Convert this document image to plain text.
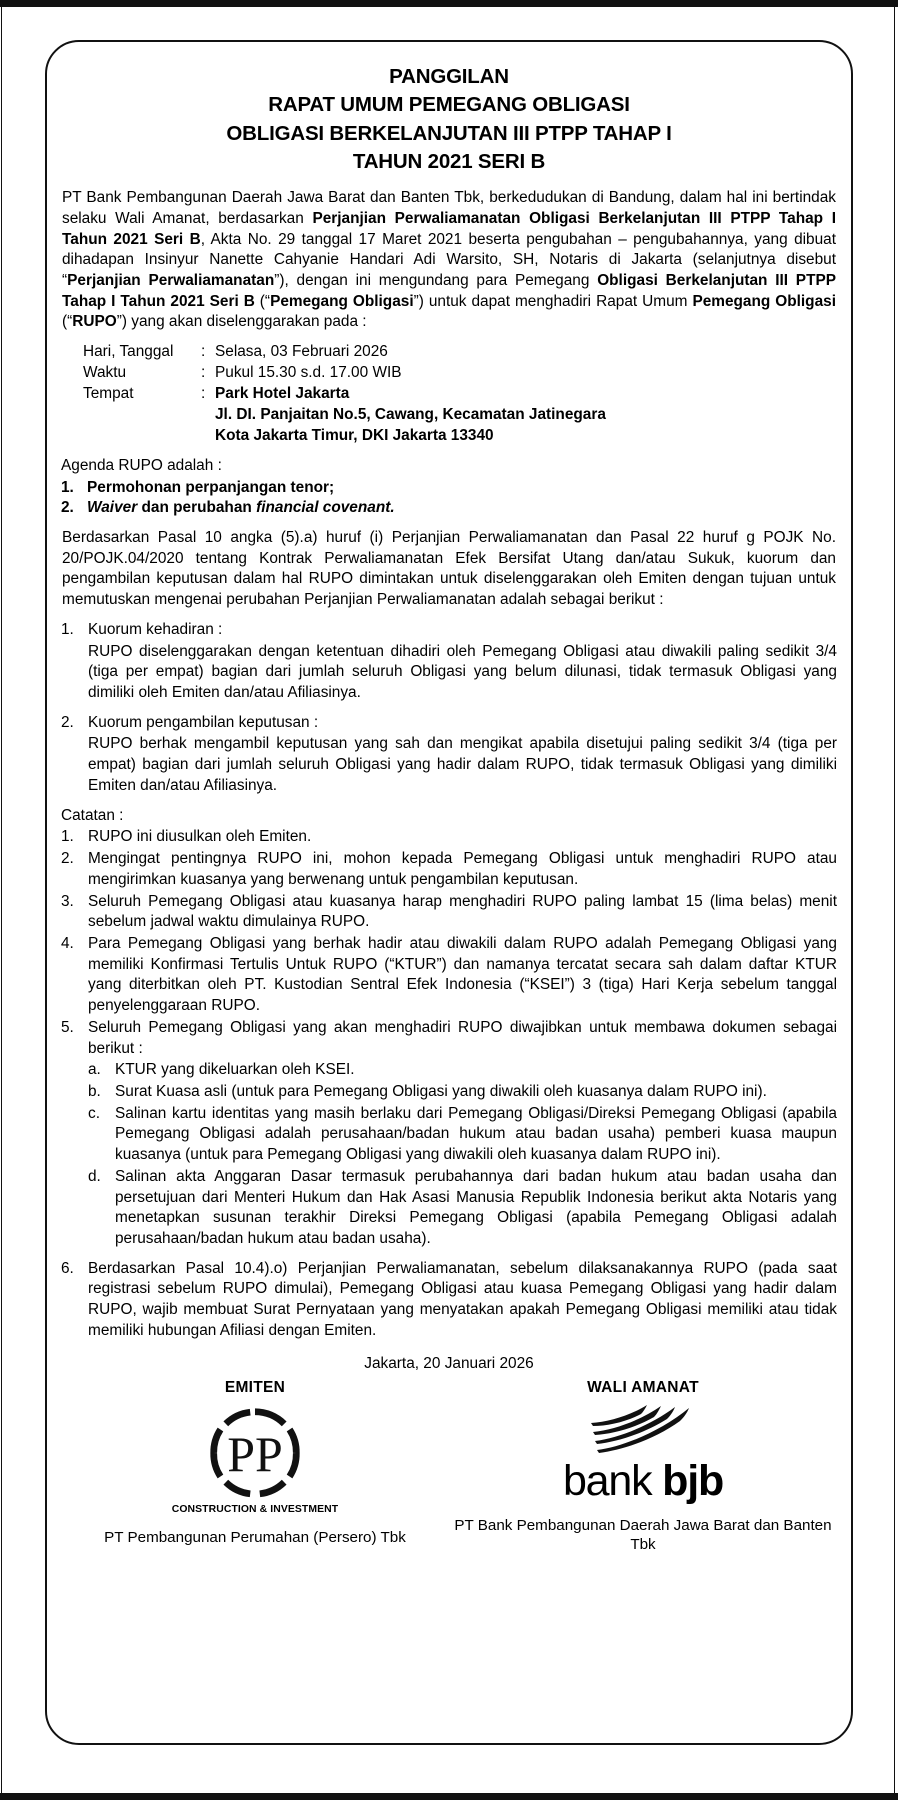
PANGGILAN
RAPAT UMUM PEMEGANG OBLIGASI
OBLIGASI BERKELANJUTAN III PTPP TAHAP I
TAHUN 2021 SERI B

PT Bank Pembangunan Daerah Jawa Barat dan Banten Tbk, berkedudukan di Bandung, dalam hal ini bertindak selaku Wali Amanat, berdasarkan Perjanjian Perwaliamanatan Obligasi Berkelanjutan III PTPP Tahap I Tahun 2021 Seri B, Akta No. 29 tanggal 17 Maret 2021 beserta pengubahan – pengubahannya, yang dibuat dihadapan Insinyur Nanette Cahyanie Handari Adi Warsito, SH, Notaris di Jakarta (selanjutnya disebut “Perjanjian Perwaliamanatan”), dengan ini mengundang para Pemegang Obligasi Berkelanjutan III PTPP Tahap I Tahun 2021 Seri B (“Pemegang Obligasi”) untuk dapat menghadiri Rapat Umum Pemegang Obligasi (“RUPO”) yang akan diselenggarakan pada :

Hari, Tanggal	: Selasa, 03 Februari 2026
Waktu	: Pukul 15.30 s.d. 17.00 WIB
Tempat	: Park Hotel Jakarta
Jl. DI. Panjaitan No.5, Cawang, Kecamatan Jatinegara
Kota Jakarta Timur, DKI Jakarta 13340
Agenda RUPO adalah :
1. Permohonan perpanjangan tenor;
2. Waiver dan perubahan financial covenant.

Berdasarkan Pasal 10 angka (5).a) huruf (i) Perjanjian Perwaliamanatan dan Pasal 22 huruf g POJK No. 20/POJK.04/2020 tentang Kontrak Perwaliamanatan Efek Bersifat Utang dan/atau Sukuk, kuorum dan pengambilan keputusan dalam hal RUPO dimintakan untuk diselenggarakan oleh Emiten dengan tujuan untuk memutuskan mengenai perubahan Perjanjian Perwaliamanatan adalah sebagai berikut :

1. Kuorum kehadiran :
RUPO diselenggarakan dengan ketentuan dihadiri oleh Pemegang Obligasi atau diwakili paling sedikit 3/4 (tiga per empat) bagian dari jumlah seluruh Obligasi yang belum dilunasi, tidak termasuk Obligasi yang dimiliki oleh Emiten dan/atau Afiliasinya.
2. Kuorum pengambilan keputusan :
RUPO berhak mengambil keputusan yang sah dan mengikat apabila disetujui paling sedikit 3/4 (tiga per empat) bagian dari jumlah seluruh Obligasi yang hadir dalam RUPO, tidak termasuk Obligasi yang dimiliki Emiten dan/atau Afiliasinya.
Catatan :
1. RUPO ini diusulkan oleh Emiten.
2. Mengingat pentingnya RUPO ini, mohon kepada Pemegang Obligasi untuk menghadiri RUPO atau mengirimkan kuasanya yang berwenang untuk pengambilan keputusan.
3. Seluruh Pemegang Obligasi atau kuasanya harap menghadiri RUPO paling lambat 15 (lima belas) menit sebelum jadwal waktu dimulainya RUPO.
4. Para Pemegang Obligasi yang berhak hadir atau diwakili dalam RUPO adalah Pemegang Obligasi yang memiliki Konfirmasi Tertulis Untuk RUPO (“KTUR”) dan namanya tercatat secara sah dalam daftar KTUR yang diterbitkan oleh PT. Kustodian Sentral Efek Indonesia (“KSEI”) 3 (tiga) Hari Kerja sebelum tanggal penyelenggaraan RUPO.
5. Seluruh Pemegang Obligasi yang akan menghadiri RUPO diwajibkan untuk membawa dokumen sebagai berikut :
a. KTUR yang dikeluarkan oleh KSEI.
b. Surat Kuasa asli (untuk para Pemegang Obligasi yang diwakili oleh kuasanya dalam RUPO ini).
c. Salinan kartu identitas yang masih berlaku dari Pemegang Obligasi/Direksi Pemegang Obligasi (apabila Pemegang Obligasi adalah perusahaan/badan hukum atau badan usaha) pemberi kuasa maupun kuasanya (untuk para Pemegang Obligasi yang diwakili oleh kuasanya dalam RUPO ini).
d. Salinan akta Anggaran Dasar termasuk perubahannya dari badan hukum atau badan usaha dan persetujuan dari Menteri Hukum dan Hak Asasi Manusia Republik Indonesia berikut akta Notaris yang menetapkan susunan terakhir Direksi Pemegang Obligasi (apabila Pemegang Obligasi adalah perusahaan/badan hukum atau badan usaha).
6. Berdasarkan Pasal 10.4).o) Perjanjian Perwaliamanatan, sebelum dilaksanakannya RUPO (pada saat registrasi sebelum RUPO dimulai), Pemegang Obligasi atau kuasa Pemegang Obligasi yang hadir dalam RUPO, wajib membuat Surat Pernyataan yang menyatakan apakah Pemegang Obligasi memiliki atau tidak memiliki hubungan Afiliasi dengan Emiten.
Jakarta, 20 Januari 2026
EMITEN
PP
CONSTRUCTION & INVESTMENT
PT Pembangunan Perumahan (Persero) Tbk
WALI AMANAT
bank bjb
PT Bank Pembangunan Daerah Jawa Barat dan Banten Tbk
